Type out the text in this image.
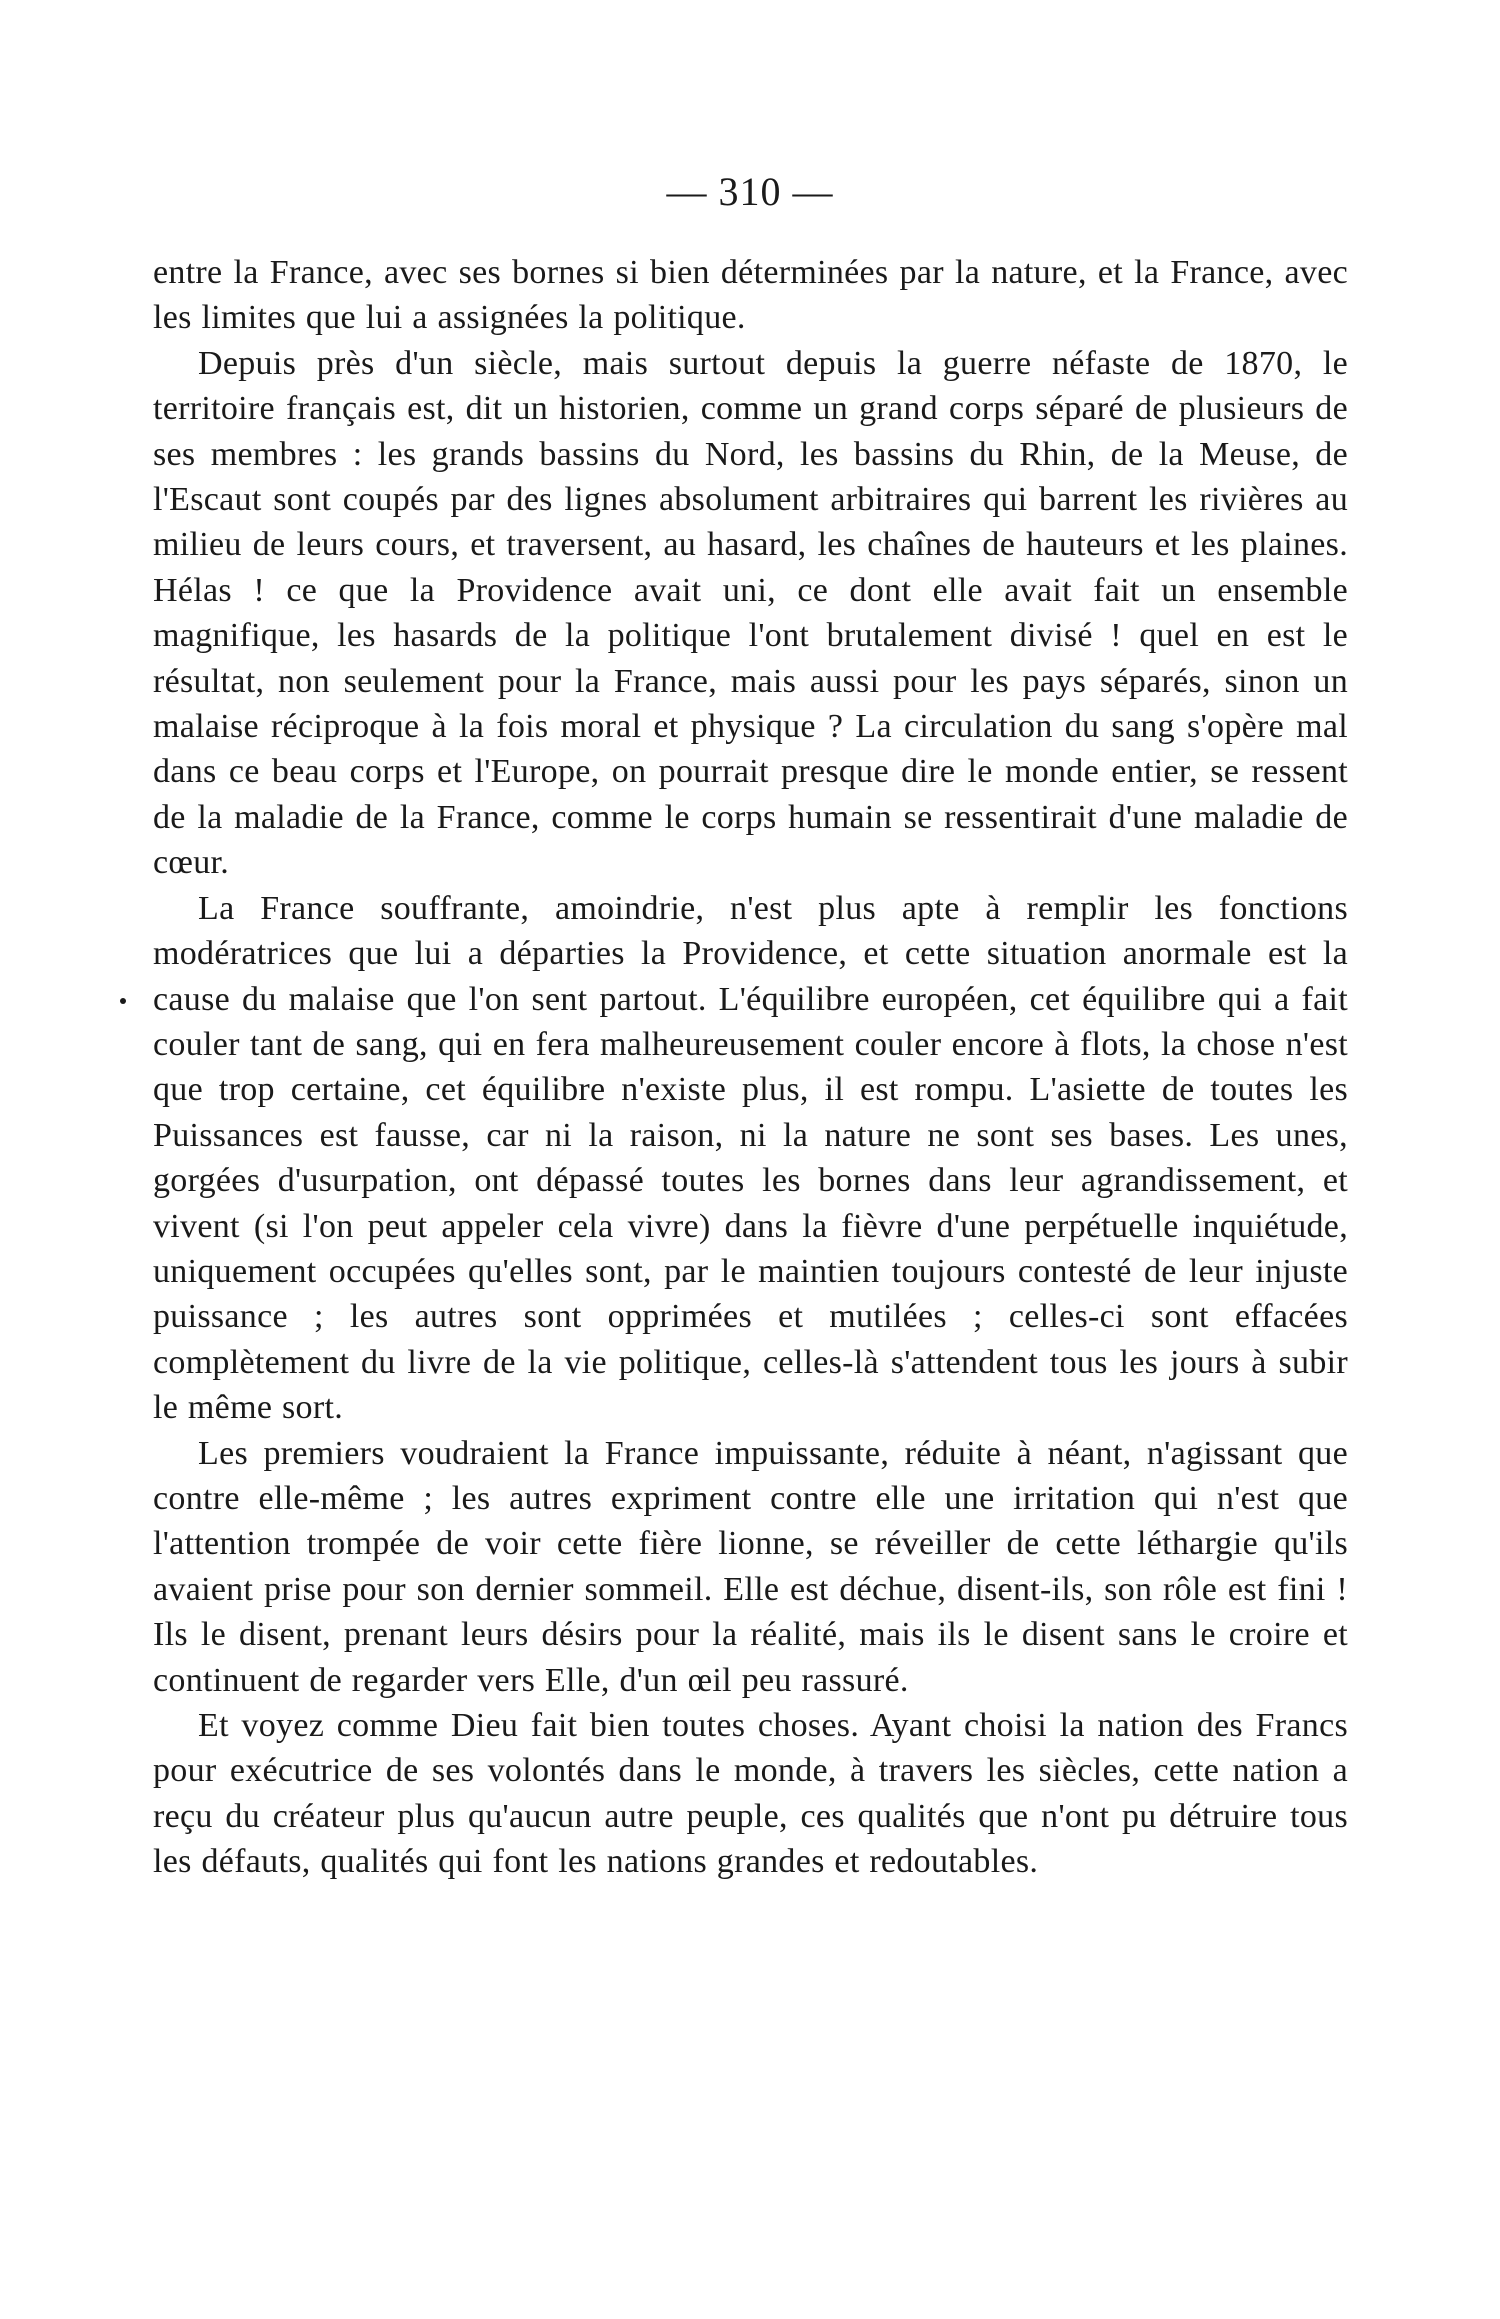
— 310 —

entre la France, avec ses bornes si bien déterminées par la nature, et la France, avec les limites que lui a assignées la politique.

Depuis près d'un siècle, mais surtout depuis la guerre néfaste de 1870, le territoire français est, dit un historien, comme un grand corps séparé de plusieurs de ses membres : les grands bassins du Nord, les bassins du Rhin, de la Meuse, de l'Escaut sont coupés par des lignes absolument arbitraires qui barrent les rivières au milieu de leurs cours, et traversent, au hasard, les chaînes de hauteurs et les plaines. Hélas ! ce que la Providence avait uni, ce dont elle avait fait un ensemble magnifique, les hasards de la politique l'ont brutalement divisé ! quel en est le résultat, non seulement pour la France, mais aussi pour les pays séparés, sinon un malaise réciproque à la fois moral et physique ? La circulation du sang s'opère mal dans ce beau corps et l'Europe, on pourrait presque dire le monde entier, se ressent de la maladie de la France, comme le corps humain se ressentirait d'une maladie de cœur.

La France souffrante, amoindrie, n'est plus apte à remplir les fonctions modératrices que lui a départies la Providence, et cette situation anormale est la cause du malaise que l'on sent partout. L'équilibre européen, cet équilibre qui a fait couler tant de sang, qui en fera malheureusement couler encore à flots, la chose n'est que trop certaine, cet équilibre n'existe plus, il est rompu. L'asiette de toutes les Puissances est fausse, car ni la raison, ni la nature ne sont ses bases. Les unes, gorgées d'usurpation, ont dépassé toutes les bornes dans leur agrandissement, et vivent (si l'on peut appeler cela vivre) dans la fièvre d'une perpétuelle inquiétude, uniquement occupées qu'elles sont, par le maintien toujours contesté de leur injuste puissance ; les autres sont opprimées et mutilées ; celles-ci sont effacées complètement du livre de la vie politique, celles-là s'attendent tous les jours à subir le même sort.

Les premiers voudraient la France impuissante, réduite à néant, n'agissant que contre elle-même ; les autres expriment contre elle une irritation qui n'est que l'attention trompée de voir cette fière lionne, se réveiller de cette léthargie qu'ils avaient prise pour son dernier sommeil. Elle est déchue, disent-ils, son rôle est fini ! Ils le disent, prenant leurs désirs pour la réalité, mais ils le disent sans le croire et continuent de regarder vers Elle, d'un œil peu rassuré.

Et voyez comme Dieu fait bien toutes choses. Ayant choisi la nation des Francs pour exécutrice de ses volontés dans le monde, à travers les siècles, cette nation a reçu du créateur plus qu'aucun autre peuple, ces qualités que n'ont pu détruire tous les défauts, qualités qui font les nations grandes et redoutables.
